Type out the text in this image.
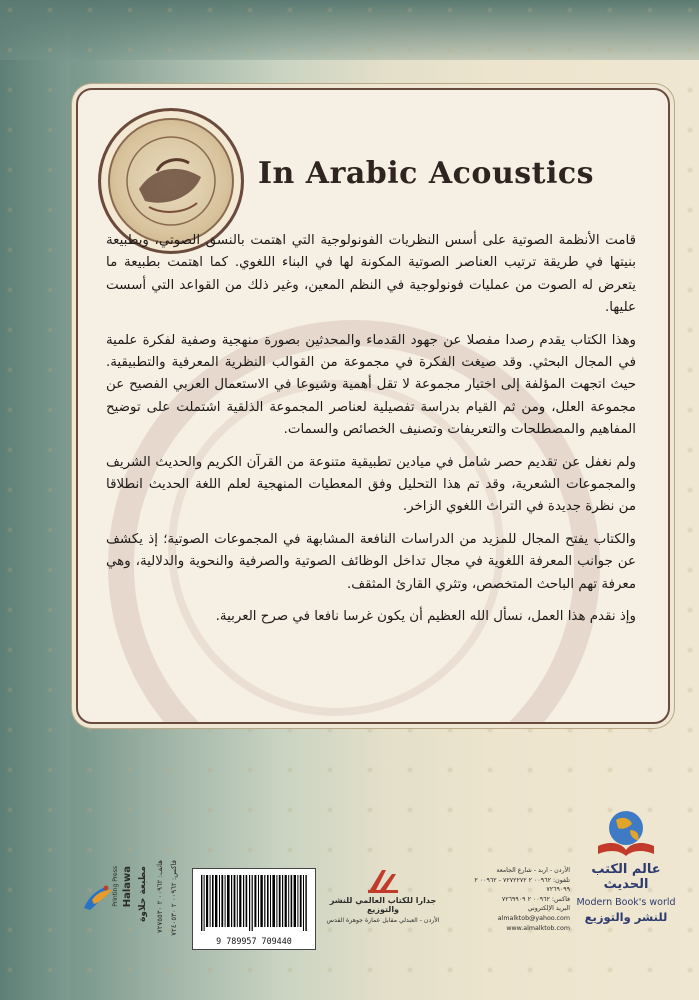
In Arabic Acoustics

قامت الأنظمة الصوتية على أسس النظريات الفونولوجية التي اهتمت بالنسق الصوتي، وبطبيعة بنيتها في طريقة ترتيب العناصر الصوتية المكونة لها في البناء اللغوي. كما اهتمت بطبيعة ما يتعرض له الصوت من عمليات فونولوجية في النظم المعين، وغير ذلك من القواعد التي أسست عليها.

وهذا الكتاب يقدم رصدا مفصلا عن جهود القدماء والمحدثين بصورة منهجية وصفية لفكرة علمية في المجال البحثي. وقد صيغت الفكرة في مجموعة من القوالب النظرية المعرفية والتطبيقية. حيث اتجهت المؤلفة إلى اختيار مجموعة لا تقل أهمية وشيوعا في الاستعمال العربي الفصيح عن مجموعة العلل، ومن ثم القيام بدراسة تفصيلية لعناصر المجموعة الذلقية اشتملت على توضيح المفاهيم والمصطلحات والتعريفات وتصنيف الخصائص والسمات.

ولم نغفل عن تقديم حصر شامل في ميادين تطبيقية متنوعة من القرآن الكريم والحديث الشريف والمجموعات الشعرية، وقد تم هذا التحليل وفق المعطيات المنهجية لعلم اللغة الحديث انطلاقا من نظرة جديدة في التراث اللغوي الزاخر.

والكتاب يفتح المجال للمزيد من الدراسات النافعة المشابهة في المجموعات الصوتية؛ إذ يكشف عن جوانب المعرفة اللغوية في مجال تداخل الوظائف الصوتية والصرفية والنحوية والدلالية، وهي معرفة تهم الباحث المتخصص، وتثري القارئ المثقف.

وإذ نقدم هذا العمل، نسأل الله العظيم أن يكون غرسا نافعا في صرح العربية.

عالم الكتب الحديث
Modern Book's world
للنشر والتوزيع
الأردن - اربد - شارع الجامعة
تلفون: ٠٠٩٦٢ ٢ ٧٢٧٢٢٧٢ - ٠٠٩٦٢ ٢ ٧٢٦٩٠٩٩
فاكس: ٠٠٩٦٢ ٢ ٧٢٦٩٩٠٩
البريد الإلكتروني
almalktob@yahoo.com
www.almalktob.com
جدارا للكتاب العالمي للنشر والتوزيع
الأردن - العبدلي مقابل عمارة جوهرة القدس
9 789957 709440
Printing Press Halawa مطبعة حلاوة هاتف: ٠٠٩٦٢ ٢ ٧٢٧٥٥٣٠
فاكس: ٠٠٩٦٢ ٢ ٧٢٤٠٥٣٠
